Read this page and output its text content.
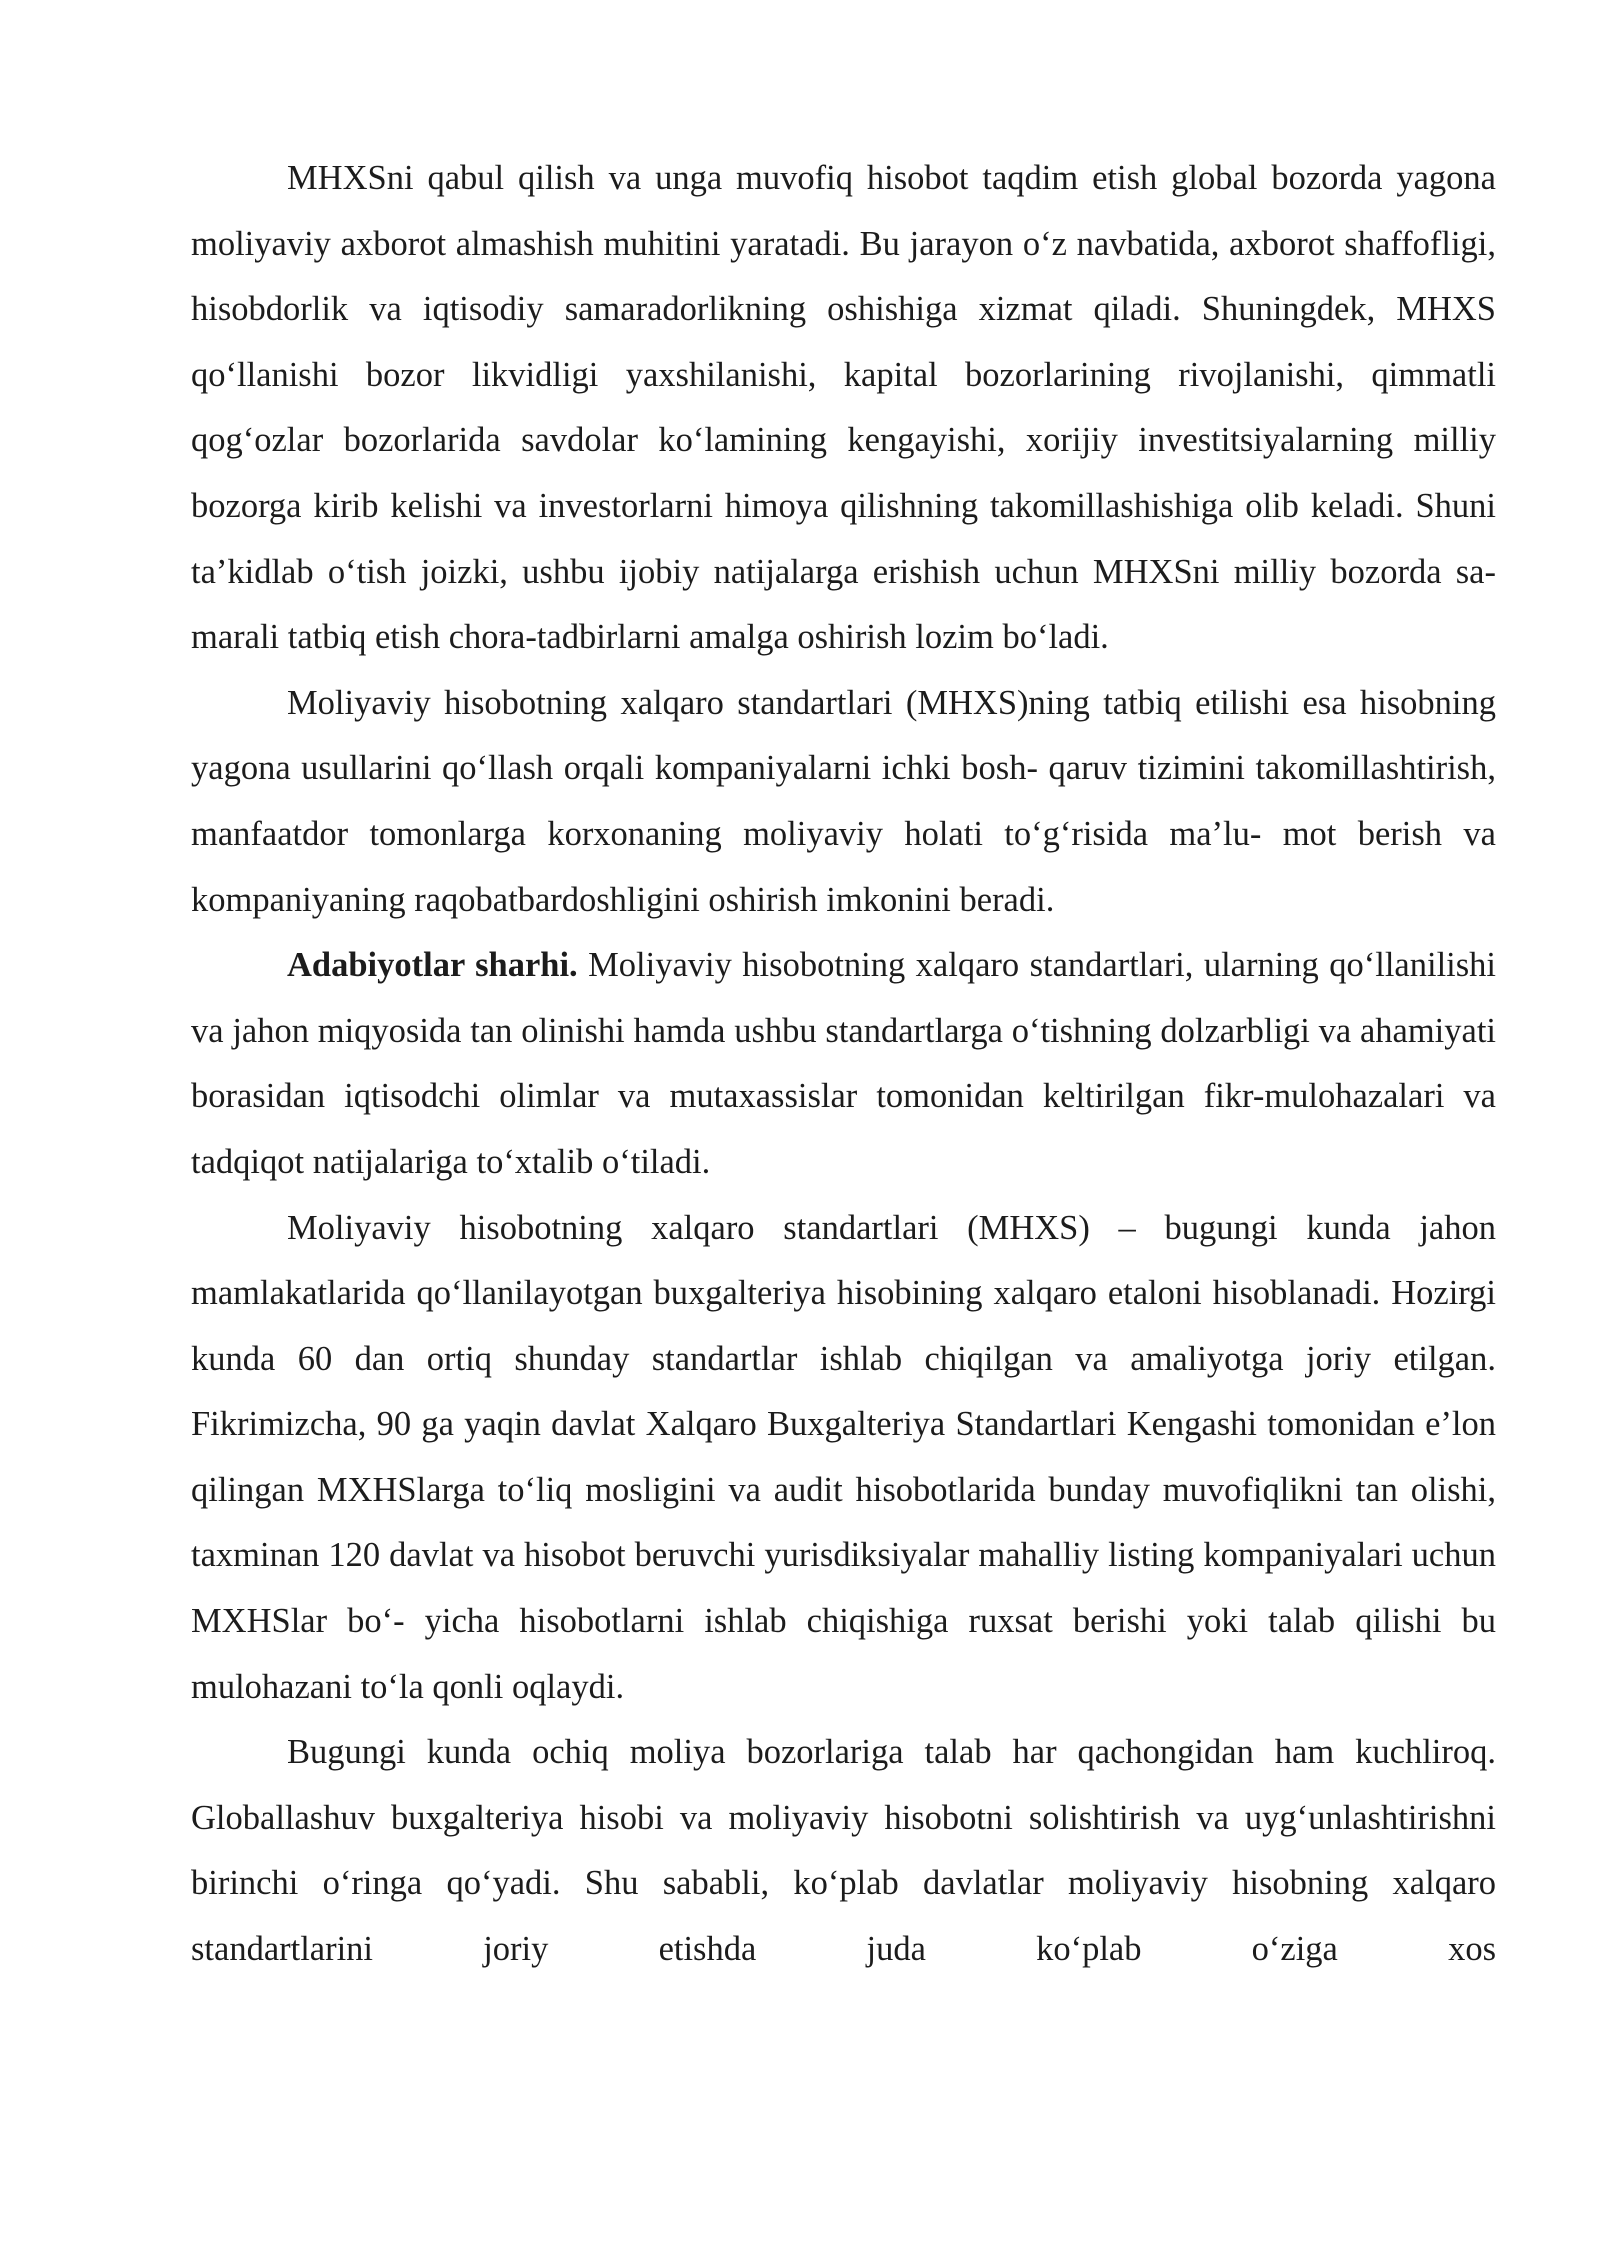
MHXSni qabul qilish va unga muvofiq hisobot taqdim etish global bozorda yagona moliyaviy axborot almashish muhitini yaratadi. Bu jarayon o‘z navbatida, axborot shaffofligi, hisobdorlik va iqtisodiy samaradorlikning oshishiga xizmat qiladi. Shuningdek, MHXS qo‘llanishi bozor likvidligi yaxshilanishi, kapital bozorlarining rivojlanishi, qimmatli qog‘ozlar bozorlarida savdolar ko‘lamining kengayishi, xorijiy investitsiyalarning milliy bozorga kirib kelishi va investorlarni himoya qilishning takomillashishiga olib keladi. Shuni ta’kidlab o‘tish joizki, ushbu ijobiy natijalarga erishish uchun MHXSni milliy bozorda sa- marali tatbiq etish chora-tadbirlarni amalga oshirish lozim bo‘ladi.

Moliyaviy hisobotning xalqaro standartlari (MHXS)ning tatbiq etilishi esa hisobning yagona usullarini qo‘llash orqali kompaniyalarni ichki bosh- qaruv tizimini takomillashtirish, manfaatdor tomonlarga korxonaning moliyaviy holati to‘g‘risida ma’lu- mot berish va kompaniyaning raqobatbardoshligini oshirish imkonini beradi.

Adabiyotlar sharhi. Moliyaviy hisobotning xalqaro standartlari, ularning qo‘llanilishi va jahon miqyosida tan olinishi hamda ushbu standartlarga o‘tishning dolzarbligi va ahamiyati borasidan iqtisodchi olimlar va mutaxassislar tomonidan keltirilgan fikr-mulohazalari va tadqiqot natijalariga to‘xtalib o‘tiladi.

Moliyaviy hisobotning xalqaro standartlari (MHXS) – bugungi kunda jahon mamlakatlarida qo‘llanilayotgan buxgalteriya hisobining xalqaro etaloni hisoblanadi. Hozirgi kunda 60 dan ortiq shunday standartlar ishlab chiqilgan va amaliyotga joriy etilgan. Fikrimizcha, 90 ga yaqin davlat Xalqaro Buxgalteriya Standartlari Kengashi tomonidan e’lon qilingan MXHSlarga to‘liq mosligini va audit hisobotlarida bunday muvofiqlikni tan olishi, taxminan 120 davlat va hisobot beruvchi yurisdiksiyalar mahalliy listing kompaniyalari uchun MXHSlar bo‘- yicha hisobotlarni ishlab chiqishiga ruxsat berishi yoki talab qilishi bu mulohazani to‘la qonli oqlaydi.

Bugungi kunda ochiq moliya bozorlariga talab har qachongidan ham kuchliroq. Globallashuv buxgalteriya hisobi va moliyaviy hisobotni solishtirish va uyg‘unlashtirishni birinchi o‘ringa qo‘yadi. Shu sababli, ko‘plab davlatlar moliyaviy hisobning xalqaro standartlarini joriy etishda juda ko‘plab o‘ziga xos
